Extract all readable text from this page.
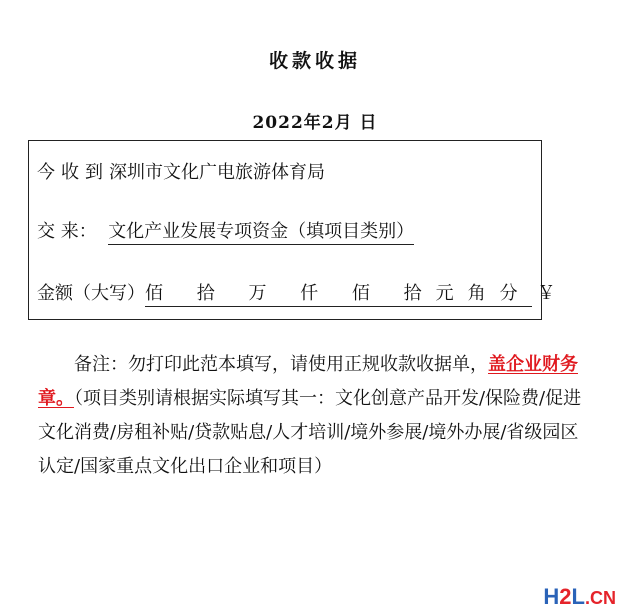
收款收据
2022年2月 日
今收到深圳市文化广电旅游体育局
交 来： 文化产业发展专项资金（填项目类别）
金额（大写）佰 拾 万 仟 佰 拾元角分 ￥
备注：勿打印此范本填写，请使用正规收款收据单，盖企业财务章。（项目类别请根据实际填写其一：文化创意产品开发/保险费/促进文化消费/房租补贴/贷款贴息/人才培训/境外参展/境外办展/省级园区认定/国家重点文化出口企业和项目）
H2L.CN
